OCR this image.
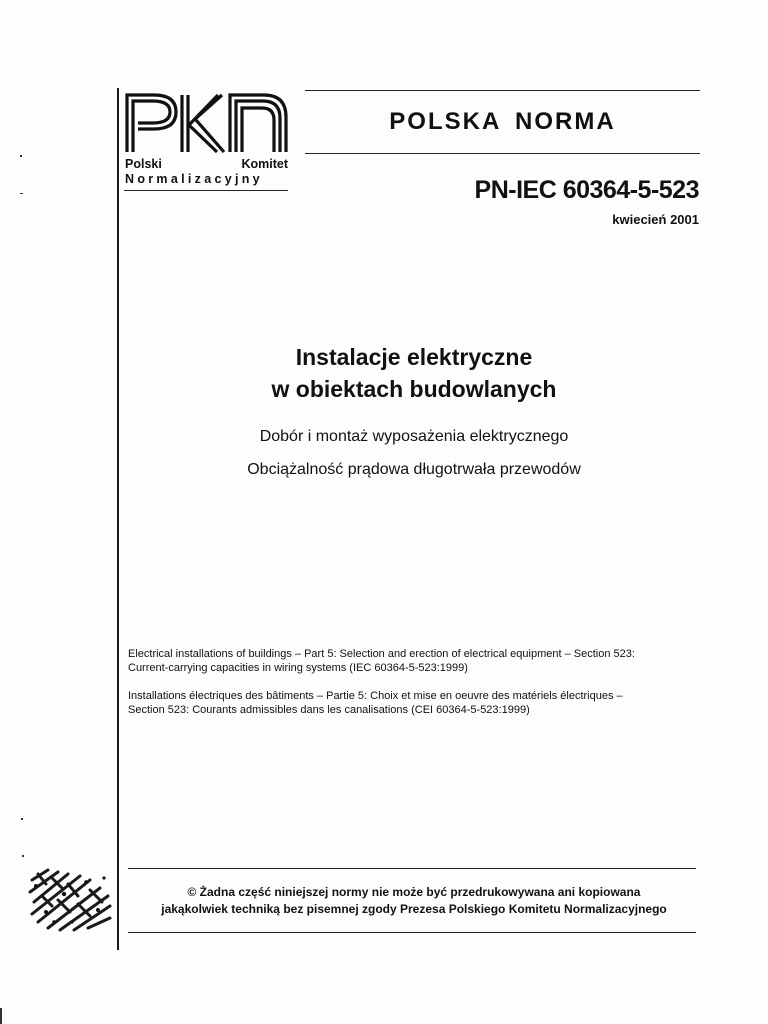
Polski	Komitet
Normalizacyjny
POLSKA NORMA
PN-IEC 60364-5-523
kwiecień 2001
Instalacje elektryczne
w obiektach budowlanych
Dobór i montaż wyposażenia elektrycznego
Obciążalność prądowa długotrwała przewodów
Electrical installations of buildings – Part 5: Selection and erection of electrical equipment – Section 523:
Current-carrying capacities in wiring systems (IEC 60364-5-523:1999)
Installations électriques des bâtiments – Partie 5: Choix et mise en oeuvre des matériels électriques –
Section 523: Courants admissibles dans les canalisations (CEI 60364-5-523:1999)
© Żadna część niniejszej normy nie może być przedrukowywana ani kopiowana
jakąkolwiek techniką bez pisemnej zgody Prezesa Polskiego Komitetu Normalizacyjnego
